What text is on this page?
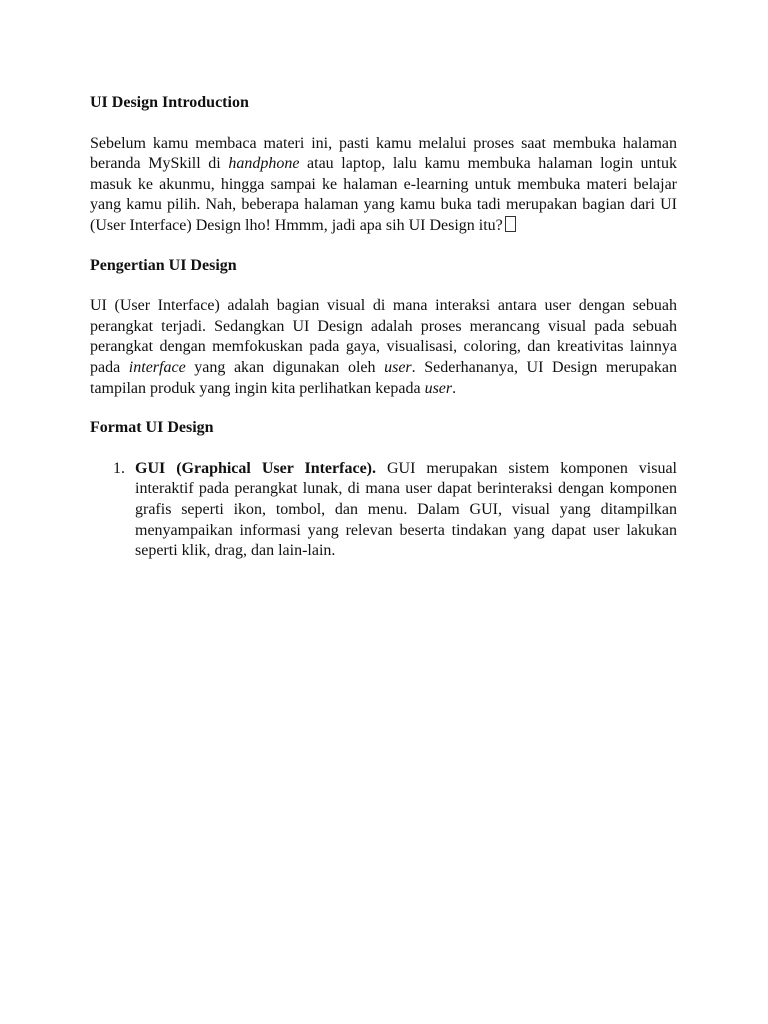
UI Design Introduction

Sebelum kamu membaca materi ini, pasti kamu melalui proses saat membuka halaman beranda MySkill di handphone atau laptop, lalu kamu membuka halaman login untuk masuk ke akunmu, hingga sampai ke halaman e-learning untuk membuka materi belajar yang kamu pilih. Nah, beberapa halaman yang kamu buka tadi merupakan bagian dari UI (User Interface) Design lho! Hmmm, jadi apa sih UI Design itu?

Pengertian UI Design

UI (User Interface) adalah bagian visual di mana interaksi antara user dengan sebuah perangkat terjadi. Sedangkan UI Design adalah proses merancang visual pada sebuah perangkat dengan memfokuskan pada gaya, visualisasi, coloring, dan kreativitas lainnya pada interface yang akan digunakan oleh user. Sederhananya, UI Design merupakan tampilan produk yang ingin kita perlihatkan kepada user.

Format UI Design
1. GUI (Graphical User Interface). GUI merupakan sistem komponen visual interaktif pada perangkat lunak, di mana user dapat berinteraksi dengan komponen grafis seperti ikon, tombol, dan menu. Dalam GUI, visual yang ditampilkan menyampaikan informasi yang relevan beserta tindakan yang dapat user lakukan seperti klik, drag, dan lain-lain.
